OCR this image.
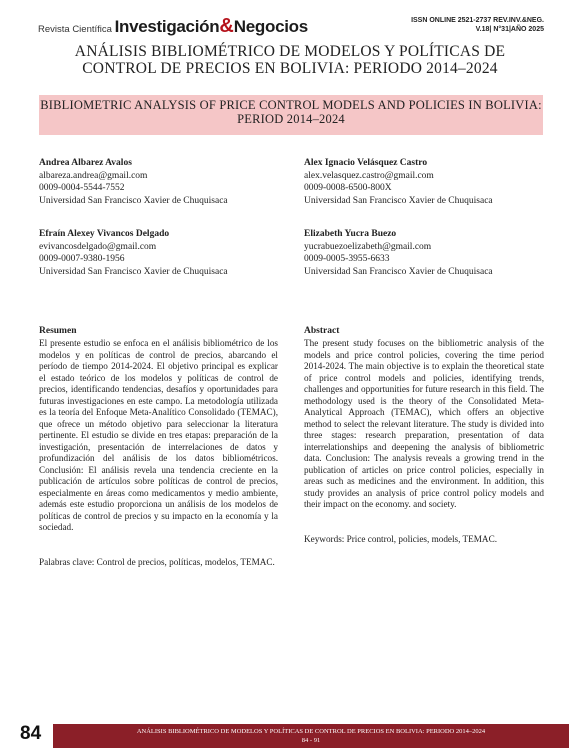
Revista Científica Investigación&Negocios	ISSN ONLINE 2521-2737 REV.INV.&NEG.
V.18| N°31|AÑO 2025
ANÁLISIS BIBLIOMÉTRICO DE MODELOS Y POLÍTICAS DE CONTROL DE PRECIOS EN BOLIVIA: PERIODO 2014–2024
BIBLIOMETRIC ANALYSIS OF PRICE CONTROL MODELS AND POLICIES IN BOLIVIA: PERIOD 2014–2024
Andrea Albarez Avalos
albareza.andrea@gmail.com
0009-0004-5544-7552
Universidad San Francisco Xavier de Chuquisaca
Alex Ignacio Velásquez Castro
alex.velasquez.castro@gmail.com
0009-0008-6500-800X
Universidad San Francisco Xavier de Chuquisaca
Efraín Alexey Vivancos Delgado
evivancosdelgado@gmail.com
0009-0007-9380-1956
Universidad San Francisco Xavier de Chuquisaca
Elizabeth Yucra Buezo
yucrabuezoelizabeth@gmail.com
0009-0005-3955-6633
Universidad San Francisco Xavier de Chuquisaca
Resumen
El presente estudio se enfoca en el análisis bibliométrico de los modelos y en políticas de control de precios, abarcando el período de tiempo 2014-2024. El objetivo principal es explicar el estado teórico de los modelos y políticas de control de precios, identificando tendencias, desafíos y oportunidades para futuras investigaciones en este campo. La metodología utilizada es la teoría del Enfoque Meta-Analítico Consolidado (TEMAC), que ofrece un método objetivo para seleccionar la literatura pertinente. El estudio se divide en tres etapas: preparación de la investigación, presentación de interrelaciones de datos y profundización del análisis de los datos bibliométricos. Conclusión: El análisis revela una tendencia creciente en la publicación de artículos sobre políticas de control de precios, especialmente en áreas como medicamentos y medio ambiente, además este estudio proporciona un análisis de los modelos de políticas de control de precios y su impacto en la economía y la sociedad.
Palabras clave: Control de precios, políticas, modelos, TEMAC.
Abstract
The present study focuses on the bibliometric analysis of the models and price control policies, covering the time period 2014-2024. The main objective is to explain the theoretical state of price control models and policies, identifying trends, challenges and opportunities for future research in this field. The methodology used is the theory of the Consolidated Meta-Analytical Approach (TEMAC), which offers an objective method to select the relevant literature. The study is divided into three stages: research preparation, presentation of data interrelationships and deepening the analysis of bibliometric data. Conclusion: The analysis reveals a growing trend in the publication of articles on price control policies, especially in areas such as medicines and the environment. In addition, this study provides an analysis of price control policy models and their impact on the economy. and society.
Keywords: Price control, policies, models, TEMAC.
84	ANÁLISIS BIBLIOMÉTRICO DE MODELOS Y POLÍTICAS DE CONTROL DE PRECIOS EN BOLIVIA: PERIODO 2014–2024
84 - 91
